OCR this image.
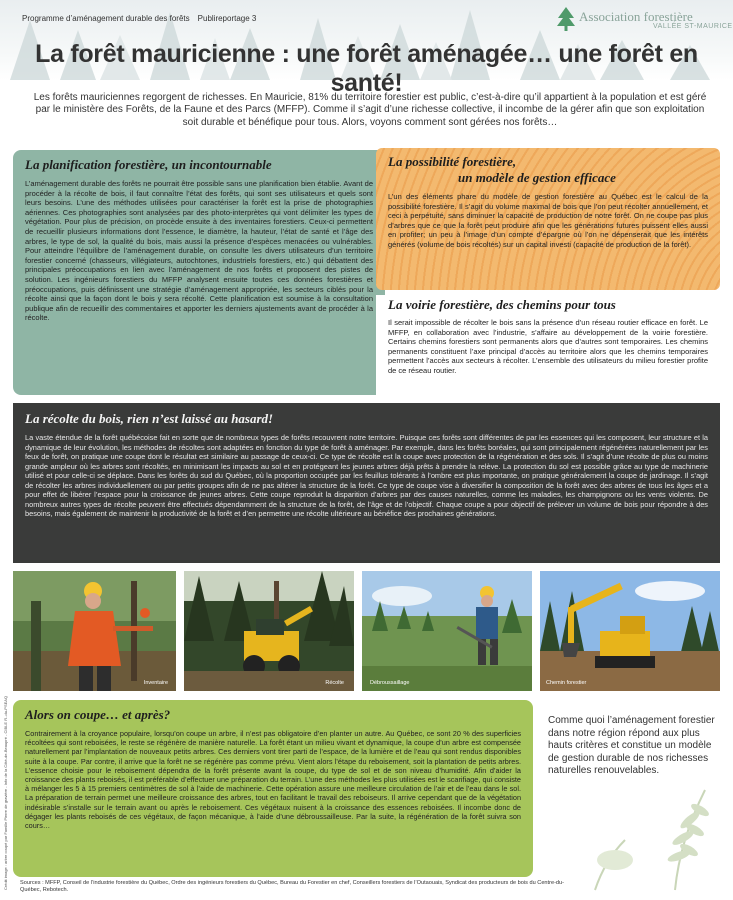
Programme d’aménagement durable des forêts Publireportage 3	Association forestière
VALLÉE ST-MAURICE
La forêt mauricienne : une forêt aménagée… une forêt en santé!

Les forêts mauriciennes regorgent de richesses. En Mauricie, 81% du territoire forestier est public, c’est-à-dire qu’il appartient à la population et est géré par le ministère des Forêts, de la Faune et des Parcs (MFFP). Comme il s’agit d’une richesse collective, il incombe de la gérer afin que son exploitation soit durable et bénéfique pour tous. Alors, voyons comment sont gérées nos forêts…

La planification forestière, un incontournable

L’aménagement durable des forêts ne pourrait être possible sans une planification bien établie. Avant de procéder à la récolte de bois, il faut connaître l’état des forêts, qui sont ses utilisateurs et quels sont leurs besoins. L’une des méthodes utilisées pour caractériser la forêt est la prise de photographies aériennes. Ces photographies sont analysées par des photo-interprètes qui vont délimiter les types de végétation. Pour plus de précision, on procède ensuite à des inventaires forestiers. Ceux-ci permettent de recueillir plusieurs informations dont l’essence, le diamètre, la hauteur, l’état de santé et l’âge des arbres, le type de sol, la qualité du bois, mais aussi la présence d’espèces menacées ou vulnérables. Pour atteindre l’équilibre de l’aménagement durable, on consulte les divers utilisateurs d’un territoire forestier concerné (chasseurs, villégiateurs, autochtones, industriels forestiers, etc.) qui débattent des principales préoccupations en lien avec l’aménagement de nos forêts et proposent des pistes de solution. Les ingénieurs forestiers du MFFP analysent ensuite toutes ces données forestières et préoccupations, puis définissent une stratégie d’aménagement appropriée, les secteurs ciblés pour la récolte ainsi que la façon dont le bois y sera récolté. Cette planification est soumise à la consultation publique afin de recueillir des commentaires et apporter les derniers ajustements avant de procéder à la récolte.

La possibilité forestière,
un modèle de gestion efficace

L’un des éléments phare du modèle de gestion forestière au Québec est le calcul de la possibilité forestière. Il s’agit du volume maximal de bois que l’on peut récolter annuellement, et ceci à perpétuité, sans diminuer la capacité de production de notre forêt. On ne coupe pas plus d’arbres que ce que la forêt peut produire afin que les générations futures puissent elles aussi en profiter; un peu à l’image d’un compte d’épargne où l’on ne dépenserait que les intérêts générés (volume de bois récoltés) sur un capital investi (capacité de production de la forêt).

La voirie forestière, des chemins pour tous

Il serait impossible de récolter le bois sans la présence d’un réseau routier efficace en forêt. Le MFFP, en collaboration avec l’industrie, s’affaire au développement de la voirie forestière. Certains chemins forestiers sont permanents alors que d’autres sont temporaires. Les chemins permanents constituent l’axe principal d’accès au territoire alors que les chemins temporaires permettent l’accès aux secteurs à récolter. L’ensemble des utilisateurs du milieu forestier profite de ce réseau routier.

La récolte du bois, rien n’est laissé au hasard!

La vaste étendue de la forêt québécoise fait en sorte que de nombreux types de forêts recouvrent notre territoire. Puisque ces forêts sont différentes de par les essences qui les composent, leur structure et la dynamique de leur évolution, les méthodes de récoltes sont adaptées en fonction du type de forêt à aménager. Par exemple, dans les forêts boréales, qui sont principalement régénérées naturellement par les feux de forêt, on pratique une coupe dont le résultat est similaire au passage de ceux-ci. Ce type de récolte est la coupe avec protection de la régénération et des sols. Il s’agit d’une récolte de plus ou moins grande ampleur où les arbres sont récoltés, en minimisant les impacts au sol et en protégeant les jeunes arbres déjà prêts à prendre la relève. La protection du sol est possible grâce au type de machinerie utilisé et pour celle-ci se déplace. Dans les forêts du sud du Québec, où la proportion occupée par les feuillus tolérants à l’ombre est plus importante, on pratique généralement la coupe de jardinage. Il s’agit de récolter les arbres individuellement ou par petits groupes afin de ne pas altérer la structure de la forêt. Ce type de coupe vise à diversifier la composition de la forêt avec des arbres de tous les âges et a pour effet de libérer l’espace pour la croissance de jeunes arbres. Cette coupe reproduit la disparition d’arbres par des causes naturelles, comme les maladies, les champignons ou les vents violents. De nombreux autres types de récolte peuvent être effectués dépendamment de la structure de la forêt, de l’âge et de l’objectif. Chaque coupe a pour objectif de prélever un volume de bois pour répondre à des besoins, mais également de maintenir la productivité de la forêt et d’en permettre une récolte ultérieure au bénéfice des prochaines générations.

Inventaire	Récolte	Débroussaillage	Chemin forestier
Crédit image : arbre coupé par Famille Pierre de gravière - Info de la Côté-de-Beaupré - CIBLE R.-du-PSEAQ Alors on coupe… et après?

Contrairement à la croyance populaire, lorsqu’on coupe un arbre, il n’est pas obligatoire d’en planter un autre. Au Québec, ce sont 20 % des superficies récoltées qui sont reboisées, le reste se régénère de manière naturelle. La forêt étant un milieu vivant et dynamique, la coupe d’un arbre est compensée naturellement par l’implantation de nouveaux petits arbres. Ces derniers vont tirer parti de l’espace, de la lumière et de l’eau qui sont rendus disponibles suite à la coupe. Par contre, il arrive que la forêt ne se régénère pas comme prévu. Vient alors l’étape du reboisement, soit la plantation de petits arbres. L’essence choisie pour le reboisement dépendra de la forêt présente avant la coupe, du type de sol et de son niveau d’humidité. Afin d’aider la croissance des plants reboisés, il est préférable d’effectuer une préparation du terrain. L’une des méthodes les plus utilisées est le scarifiage, qui consiste à mélanger les 5 à 15 premiers centimètres de sol à l’aide de machinerie. Cette opération assure une meilleure circulation de l’air et de l’eau dans le sol. La préparation de terrain permet une meilleure croissance des arbres, tout en facilitant le travail des reboiseurs. Il arrive cependant que de la végétation indésirable s’installe sur le terrain avant ou après le reboisement. Ces végétaux nuisent à la croissance des essences reboisées. Il incombe donc de dégager les plants reboisés de ces végétaux, de façon mécanique, à l’aide d’une débroussailleuse. Par la suite, la régénération de la forêt suivra son cours…

Comme quoi l’aménagement forestier dans notre région répond aux plus hauts critères et constitue un modèle de gestion durable de nos richesses naturelles renouvelables.

Sources : MFFP, Conseil de l’industrie forestière du Québec, Ordre des ingénieurs forestiers du Québec, Bureau du Forestier en chef, Conseillers forestiers de l’Outaouais, Syndicat des producteurs de bois du Centre-du-Québec, Rebotech.
